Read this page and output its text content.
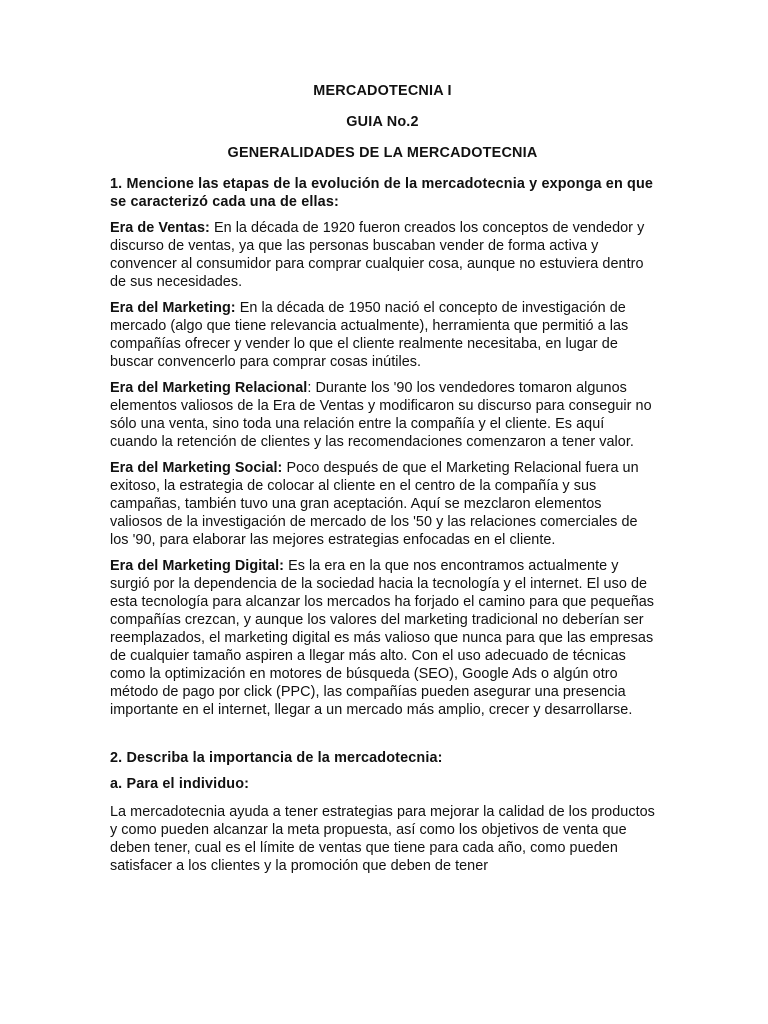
MERCADOTECNIA I
GUIA No.2
GENERALIDADES DE LA MERCADOTECNIA
1. Mencione las etapas de la evolución de la mercadotecnia y exponga en que se caracterizó cada una de ellas:
Era de Ventas: En la década de 1920 fueron creados los conceptos de vendedor y discurso de ventas, ya que las personas buscaban vender de forma activa y convencer al consumidor para comprar cualquier cosa, aunque no estuviera dentro de sus necesidades.
Era del Marketing: En la década de 1950 nació el concepto de investigación de mercado (algo que tiene relevancia actualmente), herramienta que permitió a las compañías ofrecer y vender lo que el cliente realmente necesitaba, en lugar de buscar convencerlo para comprar cosas inútiles.
Era del Marketing Relacional: Durante los '90 los vendedores tomaron algunos elementos valiosos de la Era de Ventas y modificaron su discurso para conseguir no sólo una venta, sino toda una relación entre la compañía y el cliente. Es aquí cuando la retención de clientes y las recomendaciones comenzaron a tener valor.
Era del Marketing Social: Poco después de que el Marketing Relacional fuera un exitoso, la estrategia de colocar al cliente en el centro de la compañía y sus campañas, también tuvo una gran aceptación. Aquí se mezclaron elementos valiosos de la investigación de mercado de los '50 y las relaciones comerciales de los '90, para elaborar las mejores estrategias enfocadas en el cliente.
Era del Marketing Digital: Es la era en la que nos encontramos actualmente y surgió por la dependencia de la sociedad hacia la tecnología y el internet. El uso de esta tecnología para alcanzar los mercados ha forjado el camino para que pequeñas compañías crezcan, y aunque los valores del marketing tradicional no deberían ser reemplazados, el marketing digital es más valioso que nunca para que las empresas de cualquier tamaño aspiren a llegar más alto. Con el uso adecuado de técnicas como la optimización en motores de búsqueda (SEO), Google Ads o algún otro método de pago por click (PPC), las compañías pueden asegurar una presencia importante en el internet, llegar a un mercado más amplio, crecer y desarrollarse.
2. Describa la importancia de la mercadotecnia:
a. Para el individuo:
La mercadotecnia ayuda a tener estrategias para mejorar la calidad de los productos y como pueden alcanzar la meta propuesta, así como los objetivos de venta que deben tener, cual es el límite de ventas que tiene para cada año, como pueden satisfacer a los clientes y la promoción que deben de tener
